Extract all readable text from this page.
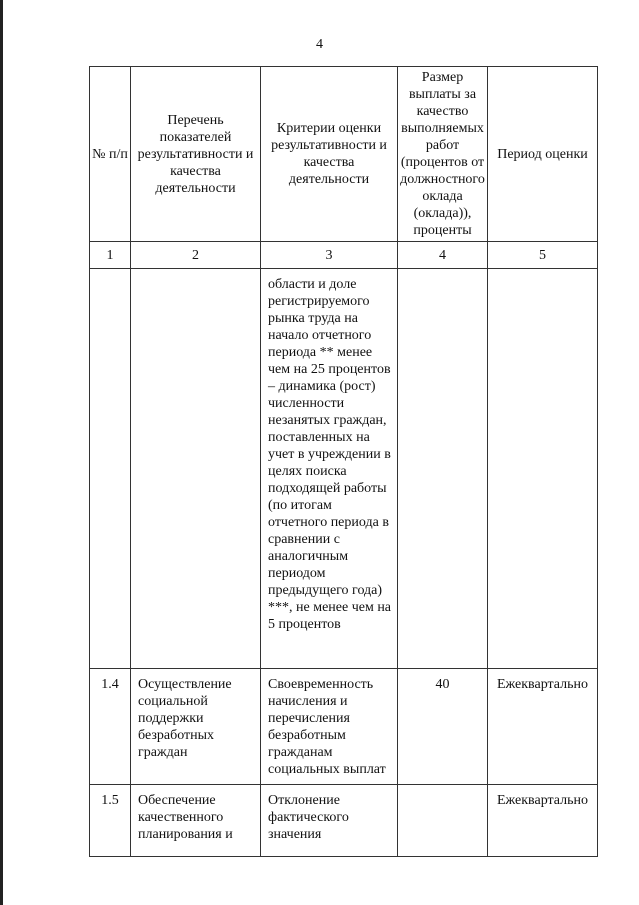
4
№ п/п	Перечень показателей результативности и качества деятельности	Критерии оценки результативности и качества деятельности	Размер выплаты за качество выполняемых работ (процентов от должностного оклада (оклада)), проценты	Период оценки

1	2	3	4	5
		области и доле регистрируемого рынка труда на начало отчетного периода ** менее чем на 25 процентов – динамика (рост) численности незанятых граждан, поставленных на учет в учреждении в целях поиска подходящей работы (по итогам отчетного периода в сравнении с аналогичным периодом предыдущего года) ***, не менее чем на 5 процентов		
1.4	Осуществление социальной поддержки безработных граждан	Своевременность начисления и перечисления безработным гражданам социальных выплат	40	Ежеквартально
1.5	Обеспечение качественного планирования и	Отклонение фактического значения		Ежеквартально
